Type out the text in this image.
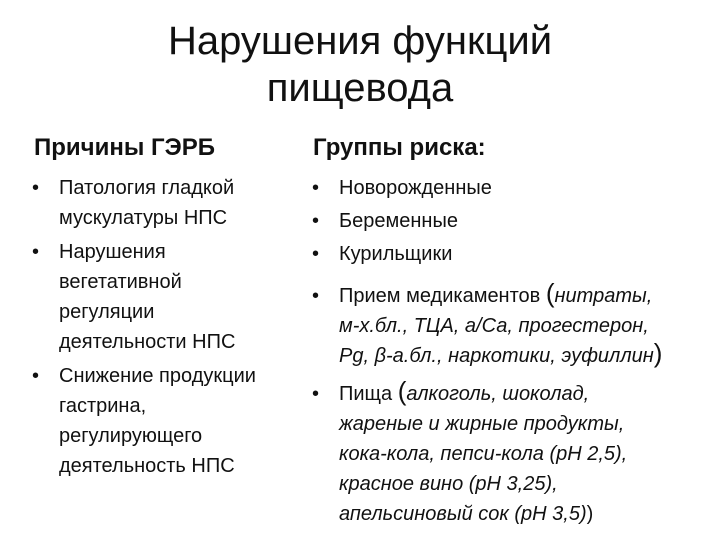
Нарушения функций
пищевода
Причины ГЭРБ	Группы риска:
• Патология гладкой
мускулатуры НПС
• Нарушения
вегетативной
регуляции
деятельности НПС
• Снижение продукции
гастрина,
регулирующего
деятельность НПС
• Новорожденные
• Беременные
• Курильщики
• Прием медикаментов (нитраты,
м-х.бл., ТЦА, а/Са, прогестерон,
Pg, β-а.бл., наркотики, эуфиллин)
• Пища (алкоголь, шоколад,
жареные и жирные продукты,
кока-кола, пепси-кола (рН 2,5),
красное вино (рН 3,25),
апельсиновый сок (рН 3,5))
